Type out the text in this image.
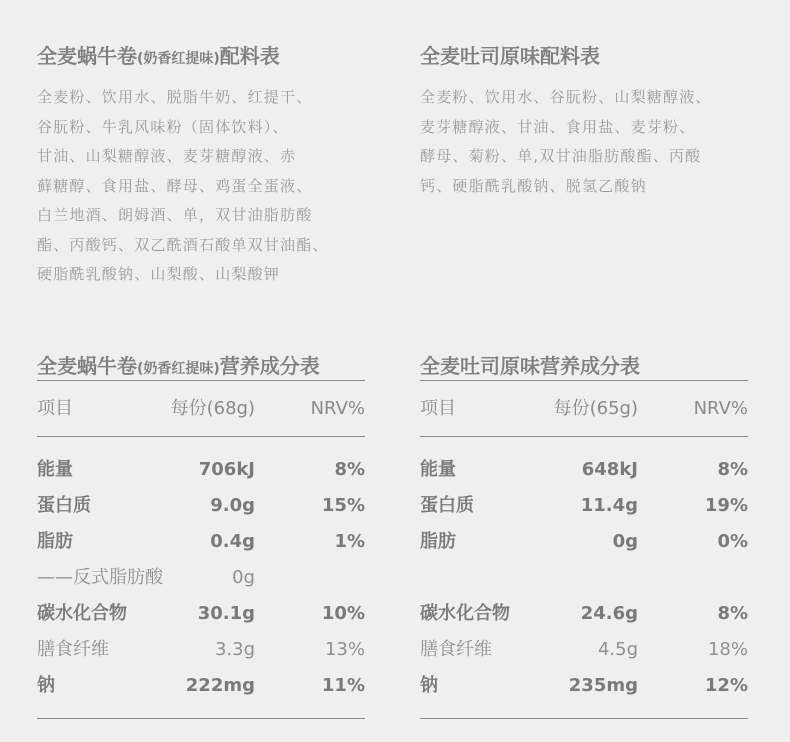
全麦蜗牛卷(奶香红提味)配料表
全麦粉、饮用水、脱脂牛奶、红提干、
谷朊粉、牛乳风味粉（固体饮料）、
甘油、山梨糖醇液、麦芽糖醇液、赤
藓糖醇、食用盐、酵母、鸡蛋全蛋液、
白兰地酒、朗姆酒、单，双甘油脂肪酸
酯、丙酸钙、双乙酰酒石酸单双甘油酯、
硬脂酰乳酸钠、山梨酸、山梨酸钾
全麦吐司原味配料表
全麦粉、饮用水、谷朊粉、山梨糖醇液、
麦芽糖醇液、甘油、食用盐、麦芽粉、
酵母、菊粉、单,双甘油脂肪酸酯、丙酸
钙、硬脂酰乳酸钠、脱氢乙酸钠
全麦蜗牛卷(奶香红提味)营养成分表
项目	每份(68g)	NRV%
能量	706kJ	8%
蛋白质	9.0g	15%
脂肪	0.4g	1%
——反式脂肪酸	0g
碳水化合物	30.1g	10%
膳食纤维	3.3g	13%
钠	222mg	11%
全麦吐司原味营养成分表
项目	每份(65g)	NRV%
能量	648kJ	8%
蛋白质	11.4g	19%
脂肪	0g	0%
碳水化合物	24.6g	8%
膳食纤维	4.5g	18%
钠	235mg	12%
